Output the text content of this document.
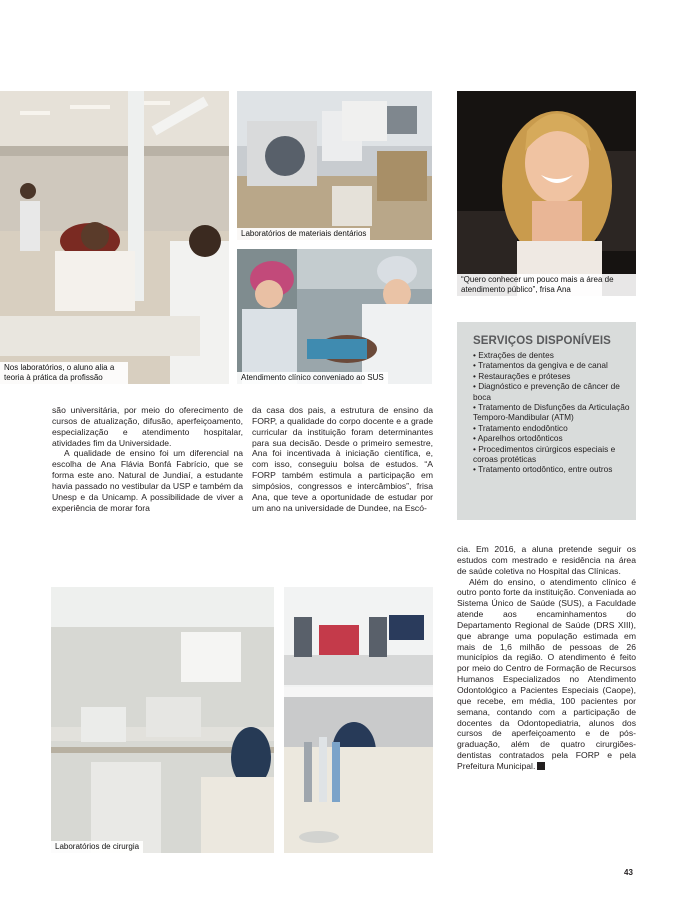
Nos laboratórios, o aluno alia a teoria à prática da profissão
Laboratórios de materiais dentários
“Quero conhecer um pouco mais a área de atendimento público”, frisa Ana
Atendimento clínico conveniado ao SUS
SERVIÇOS DISPONÍVEIS
• Extrações de dentes
• Tratamentos da gengiva e de canal
• Restaurações e próteses
• Diagnóstico e prevenção de câncer de boca
• Tratamento de Disfunções da Articulação Temporo-Mandibular (ATM)
• Tratamento endodôntico
• Aparelhos ortodônticos
• Procedimentos cirúrgicos especiais e coroas protéticas
• Tratamento ortodôntico, entre outros

são universitária, por meio do oferecimento de cursos de atualização, difusão, aperfeiçoamento, especialização e atendimento hospitalar, atividades fim da Universidade.

A qualidade de ensino foi um diferencial na escolha de Ana Flávia Bonfá Fabrício, que se forma este ano. Natural de Jundiaí, a estudante havia passado no vestibular da USP e também da Unesp e da Unicamp. A possibilidade de viver a experiência de morar fora

da casa dos pais, a estrutura de ensino da FORP, a qualidade do corpo docente e a grade curricular da instituição foram determinantes para sua decisão. Desde o primeiro semestre, Ana foi incentivada à iniciação científica, e, com isso, conseguiu bolsa de estudos. “A FORP também estimula a participação em simpósios, congressos e intercâmbios”, frisa Ana, que teve a oportunidade de estudar por um ano na universidade de Dundee, na Escó-

cia. Em 2016, a aluna pretende seguir os estudos com mestrado e residência na área de saúde coletiva no Hospital das Clínicas.

Além do ensino, o atendimento clínico é outro ponto forte da instituição. Conveniada ao Sistema Único de Saúde (SUS), a Faculdade atende aos encaminhamentos do Departamento Regional de Saúde (DRS XIII), que abrange uma população estimada em mais de 1,6 milhão de pessoas de 26 municípios da região. O atendimento é feito por meio do Centro de Formação de Recursos Humanos Especializados no Atendimento Odontológico a Pacientes Especiais (Caope), que recebe, em média, 100 pacientes por semana, contando com a participação de docentes da Odontopediatria, alunos dos cursos de aperfeiçoamento e de pós-graduação, além de quatro cirurgiões-dentistas contratados pela FORP e pela Prefeitura Municipal.

Laboratórios de cirurgia
43
